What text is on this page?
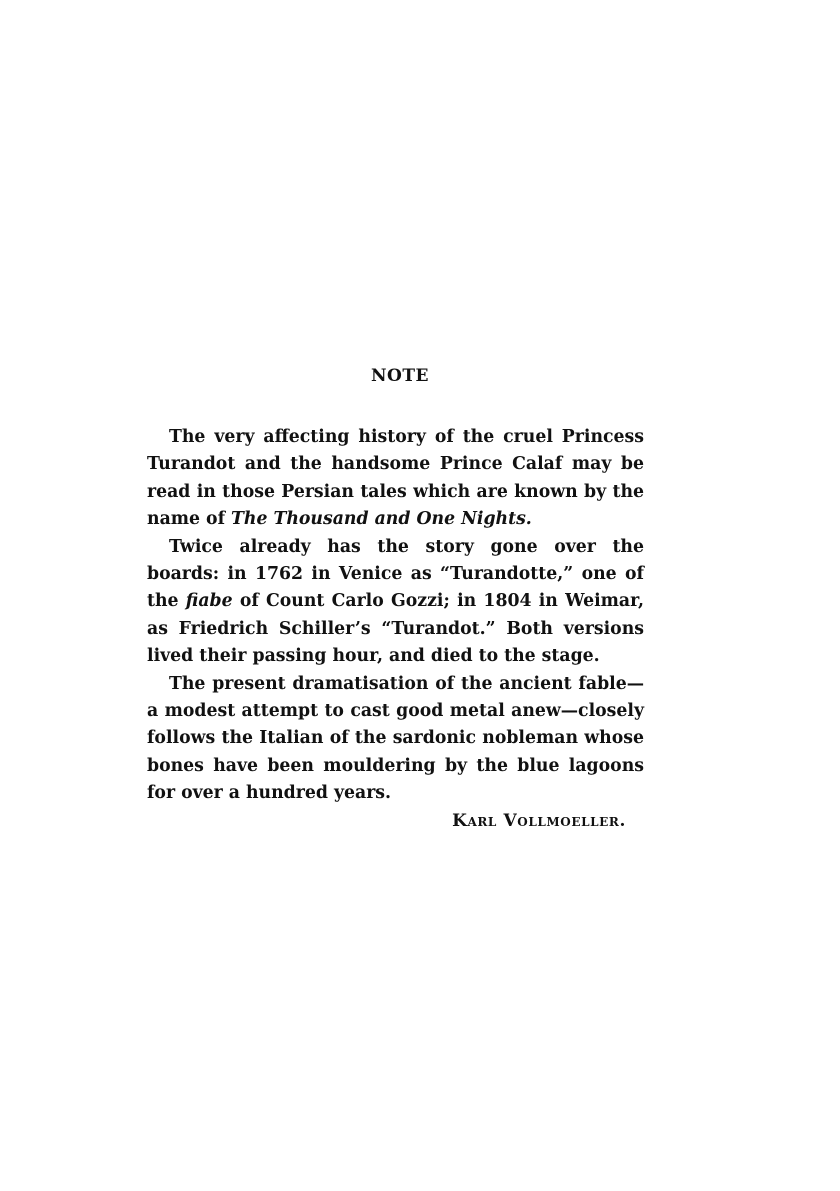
NOTE

The very affecting history of the cruel Princess Turandot and the handsome Prince Calaf may be read in those Persian tales which are known by the name of The Thousand and One Nights.

Twice already has the story gone over the boards: in 1762 in Venice as “Turandotte,” one of the fiabe of Count Carlo Gozzi; in 1804 in Weimar, as Friedrich Schiller’s “Turandot.” Both versions lived their passing hour, and died to the stage.

The present dramatisation of the ancient fable—a modest attempt to cast good metal anew—closely follows the Italian of the sardonic nobleman whose bones have been mouldering by the blue lagoons for over a hundred years.

Karl Vollmoeller.
